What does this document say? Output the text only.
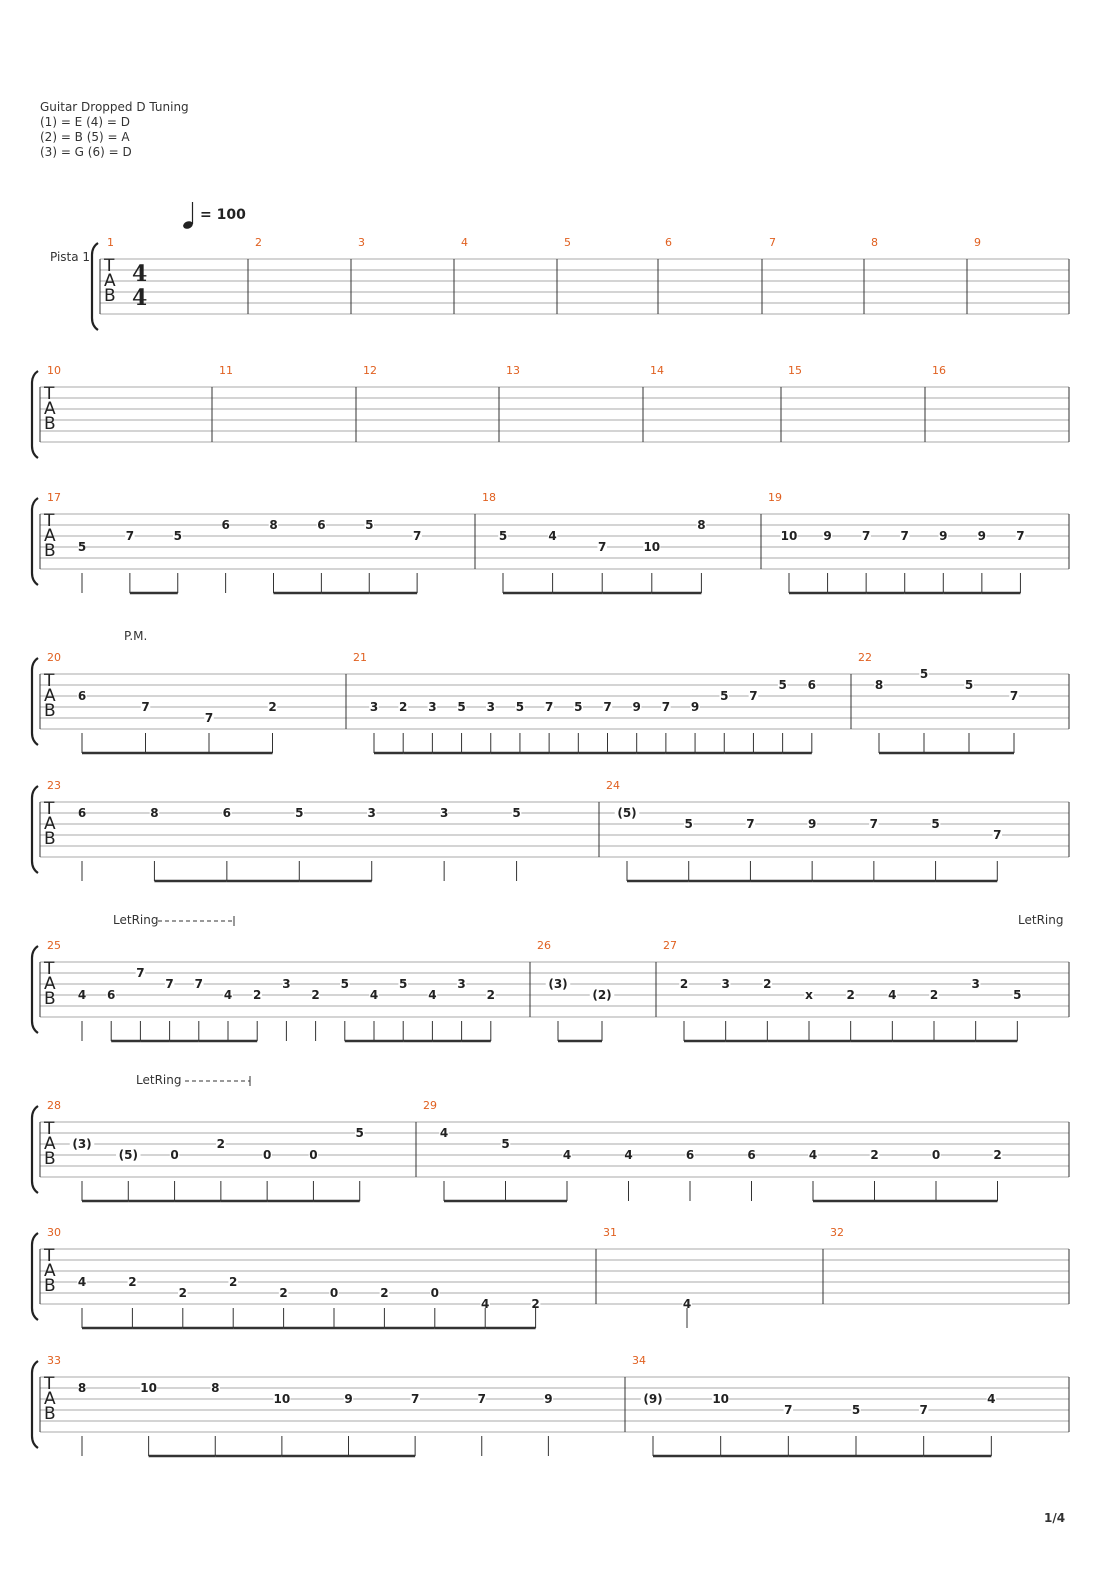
Guitar Dropped D Tuning
(1) = E (4) = D
(2) = B (5) = A
(3) = G (6) = D
= 100
Pista 1 T
A
B
4
4
1	2	3	4	5	6	7	8	9
T
A
B
10	11	12	13	14	15	16
T
A
B
17
5
7	5
6	8	6	5
7
18
5	4
7	10
8
19
10 9	7	7	9	9	7
T
A
B
20
6
7
7
2
21
3 2 3 5 3 5 7 5 7 9 7 9
5 7
5 6
22
8
5
5
7
P.M.
T
A
B
23
6	8	6	5	3	3	5
24
(5)
5	7	9	7	5
7
T
A
B
25
4 6
7
7 7
4 2
3
2
5
4
5
4
3
2
26
(3)
(2)
27
2	3	2
x	2	4	2
3
5
LetRing	LetRing
T
A
B
28
(3)
(5)	0
2
0	0
5
29
4
5
4	4	6	6	4	2	0	2
LetRing
T
A
B
30
4	2
2
2
2	0	2	0
4	2
31
4
32
T
A
B
33
8	10	8
10	9	7	7	9
34
(9)	10
7	5	7
4
1/4
